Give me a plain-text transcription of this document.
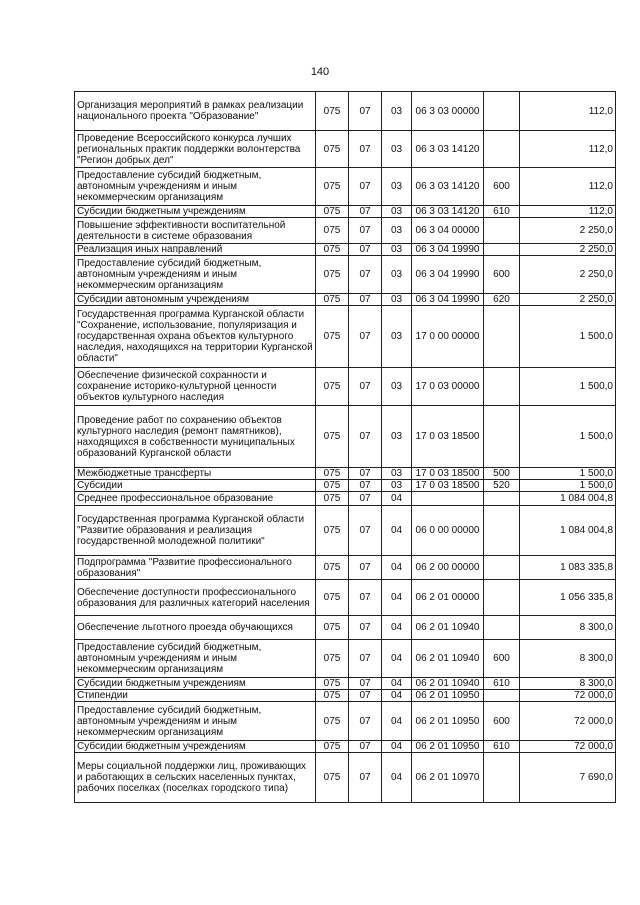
140
Организация мероприятий в рамках реализации национального проекта "Образование"	075	07	03	06 3 03 00000		112,0
Проведение Всероссийского конкурса лучших региональных практик поддержки волонтерства "Регион добрых дел"	075	07	03	06 3 03 14120		112,0
Предоставление субсидий бюджетным, автономным учреждениям и иным некоммерческим организациям	075	07	03	06 3 03 14120	600	112,0
Субсидии бюджетным учреждениям	075	07	03	06 3 03 14120	610	112,0
Повышение эффективности воспитательной деятельности в системе образования	075	07	03	06 3 04 00000		2 250,0
Реализация иных направлений	075	07	03	06 3 04 19990		2 250,0
Предоставление субсидий бюджетным, автономным учреждениям и иным некоммерческим организациям	075	07	03	06 3 04 19990	600	2 250,0
Субсидии автономным учреждениям	075	07	03	06 3 04 19990	620	2 250,0
Государственная программа Курганской области "Сохранение, использование, популяризация и государственная охрана объектов культурного наследия, находящихся на территории Курганской области"	075	07	03	17 0 00 00000		1 500,0
Обеспечение физической сохранности и сохранение историко-культурной ценности объектов культурного наследия	075	07	03	17 0 03 00000		1 500,0
Проведение работ по сохранению объектов культурного наследия (ремонт памятников), находящихся в собственности муниципальных образований Курганской области	075	07	03	17 0 03 18500		1 500,0
Межбюджетные трансферты	075	07	03	17 0 03 18500	500	1 500,0
Субсидии	075	07	03	17 0 03 18500	520	1 500,0
Среднее профессиональное образование	075	07	04			1 084 004,8
Государственная программа Курганской области "Развитие образования и реализация государственной молодежной политики"	075	07	04	06 0 00 00000		1 084 004,8
Подпрограмма "Развитие профессионального образования"	075	07	04	06 2 00 00000		1 083 335,8
Обеспечение доступности профессионального образования для различных категорий населения	075	07	04	06 2 01 00000		1 056 335,8
Обеспечение льготного проезда обучающихся	075	07	04	06 2 01 10940		8 300,0
Предоставление субсидий бюджетным, автономным учреждениям и иным некоммерческим организациям	075	07	04	06 2 01 10940	600	8 300,0
Субсидии бюджетным учреждениям	075	07	04	06 2 01 10940	610	8 300,0
Стипендии	075	07	04	06 2 01 10950		72 000,0
Предоставление субсидий бюджетным, автономным учреждениям и иным некоммерческим организациям	075	07	04	06 2 01 10950	600	72 000,0
Субсидии бюджетным учреждениям	075	07	04	06 2 01 10950	610	72 000,0
Меры социальной поддержки лиц, проживающих и работающих в сельских населенных пунктах, рабочих поселках (поселках городского типа)	075	07	04	06 2 01 10970		7 690,0
